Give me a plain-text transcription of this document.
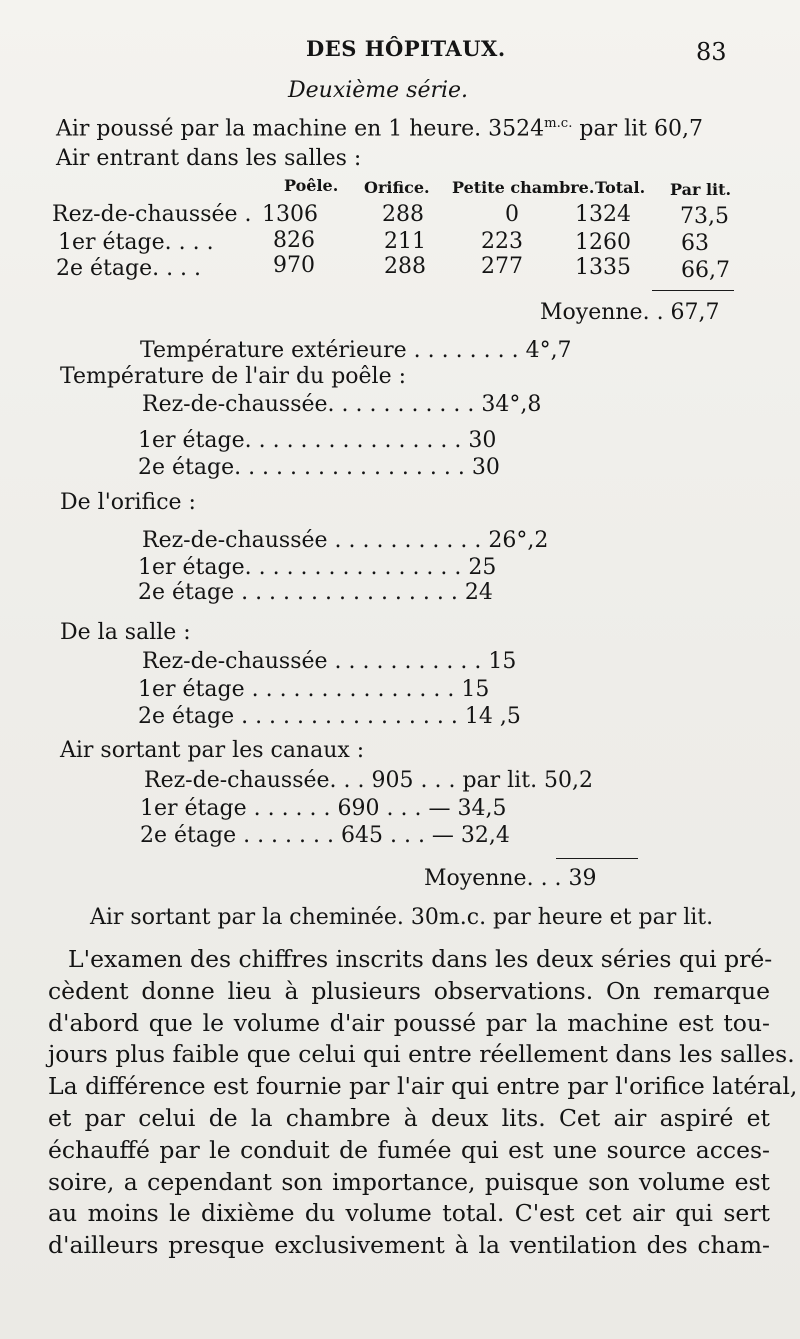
DES HÔPITAUX.	83
Deuxième série.
Air poussé par la machine en 1 heure. $3524^{m.c.}$ par lit 60,7
Air entrant dans les salles :
Poêle. Orifice. Petite chambre. Total. Par lit.
Rez-de-chaussée . 1306	288	0	1324 73,5
1er étage. . . .	826	211	223 1260 63
2e étage. . . .	970	288	277 1335 66,7
Moyenne. . 67,7
Température extérieure . . . . . . . . 4°,7
Température de l'air du poêle :
Rez-de-chaussée. . . . . . . . . . . 34°,8
1er étage. . . . . . . . . . . . . . . . 30
2e étage. . . . . . . . . . . . . . . . . 30
De l'orifice :
Rez-de-chaussée . . . . . . . . . . . 26°,2
1er étage. . . . . . . . . . . . . . . . 25
2e étage . . . . . . . . . . . . . . . . 24
De la salle :
Rez-de-chaussée . . . . . . . . . . . 15
1er étage . . . . . . . . . . . . . . . 15
2e étage . . . . . . . . . . . . . . . . 14 ,5
Air sortant par les canaux :
Rez-de-chaussée. . . 905 . . . par lit. 50,2
1er étage . . . . . . 690 . . . — 34,5
2e étage . . . . . . . 645 . . . — 32,4
Moyenne. . . 39
Air sortant par la cheminée. 30m.c. par heure et par lit.
L'examen des chiffres inscrits dans les deux séries qui pré-
cèdent donne lieu à plusieurs observations. On remarque
d'abord que le volume d'air poussé par la machine est tou-
jours plus faible que celui qui entre réellement dans les salles.
La différence est fournie par l'air qui entre par l'orifice latéral,
et par celui de la chambre à deux lits. Cet air aspiré et
échauffé par le conduit de fumée qui est une source acces-
soire, a cependant son importance, puisque son volume est
au moins le dixième du volume total. C'est cet air qui sert
d'ailleurs presque exclusivement à la ventilation des cham-
